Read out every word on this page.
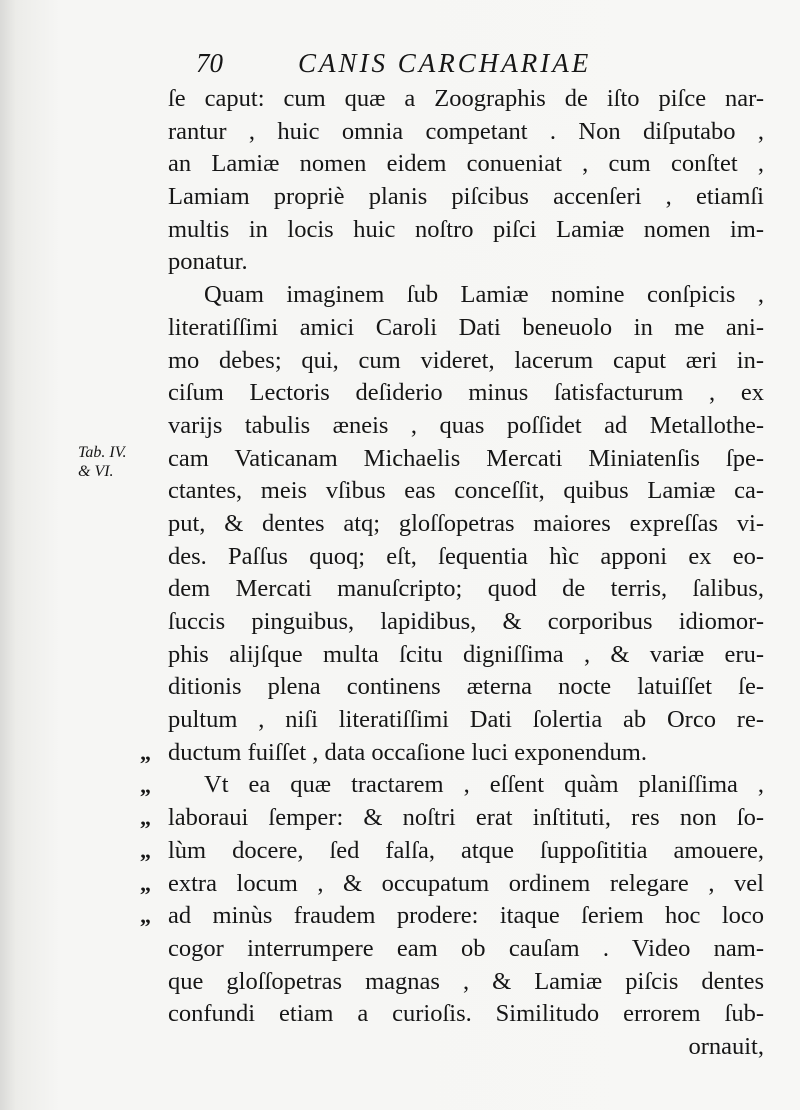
70	CANIS CARCHARIAE
Tab. IV.
& VI.
„
„
„
„
„
„
ſe caput: cum quæ a Zoographis de iſto piſce nar-
rantur , huic omnia competant . Non diſputabo ,
an Lamiæ nomen eidem conueniat , cum conſtet ,
Lamiam propriè planis piſcibus accenſeri , etiamſi
multis in locis huic noſtro piſci Lamiæ nomen im-
ponatur.
Quam imaginem ſub Lamiæ nomine conſpicis ,
literatiſſimi amici Caroli Dati beneuolo in me ani-
mo debes; qui, cum videret, lacerum caput æri in-
ciſum Lectoris deſiderio minus ſatisfacturum , ex
varijs tabulis æneis , quas poſſidet ad Metallothe-
cam Vaticanam Michaelis Mercati Miniatenſis ſpe-
ctantes, meis vſibus eas conceſſit, quibus Lamiæ ca-
put, & dentes atq; gloſſopetras maiores expreſſas vi-
des. Paſſus quoq; eſt, ſequentia hìc apponi ex eo-
dem Mercati manuſcripto; quod de terris, ſalibus,
ſuccis pinguibus, lapidibus, & corporibus idiomor-
phis alijſque multa ſcitu digniſſima , & variæ eru-
ditionis plena continens æterna nocte latuiſſet ſe-
pultum , niſi literatiſſimi Dati ſolertia ab Orco re-
ductum fuiſſet , data occaſione luci exponendum.
Vt ea quæ tractarem , eſſent quàm planiſſima ,
laboraui ſemper: & noſtri erat inſtituti, res non ſo-
lùm docere, ſed falſa, atque ſuppoſititia amouere,
extra locum , & occupatum ordinem relegare , vel
ad minùs fraudem prodere: itaque ſeriem hoc loco
cogor interrumpere eam ob cauſam . Video nam-
que gloſſopetras magnas , & Lamiæ piſcis dentes
confundi etiam a curioſis. Similitudo errorem ſub-
ornauit,
